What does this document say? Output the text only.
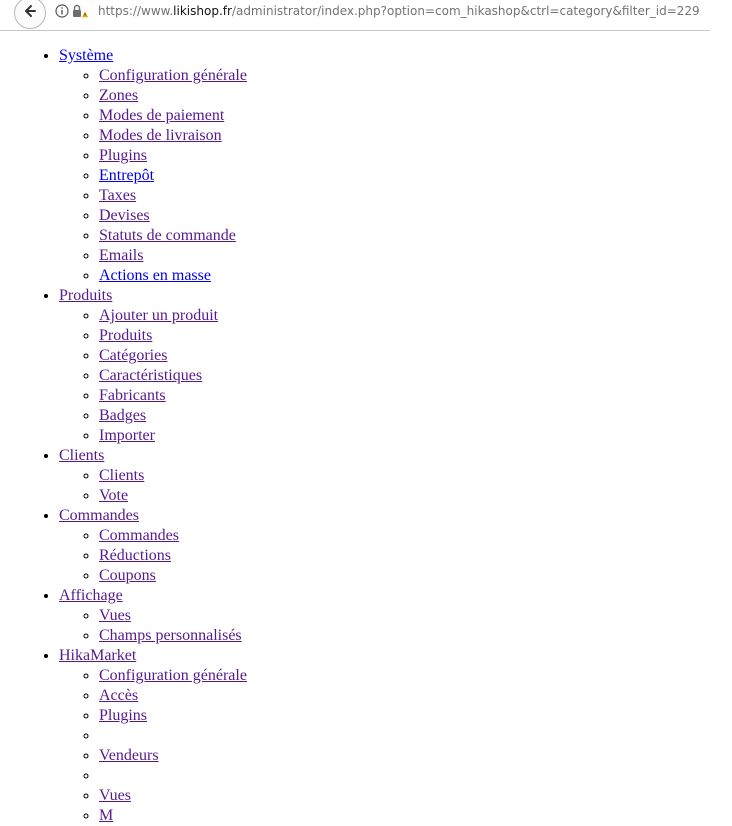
https://www.likishop.fr/administrator/index.php?option=com_hikashop&ctrl=category&filter_id=229
• Système
◦ Configuration générale
◦ Zones
◦ Modes de paiement
◦ Modes de livraison
◦ Plugins
◦ Entrepôt
◦ Taxes
◦ Devises
◦ Statuts de commande
◦ Emails
◦ Actions en masse
• Produits
◦ Ajouter un produit
◦ Produits
◦ Catégories
◦ Caractéristiques
◦ Fabricants
◦ Badges
◦ Importer
• Clients
◦ Clients
◦ Vote
• Commandes
◦ Commandes
◦ Réductions
◦ Coupons
• Affichage
◦ Vues
◦ Champs personnalisés
• HikaMarket
◦ Configuration générale
◦ Accès
◦ Plugins
◦
◦ Vendeurs
◦
◦ Vues
◦ M
